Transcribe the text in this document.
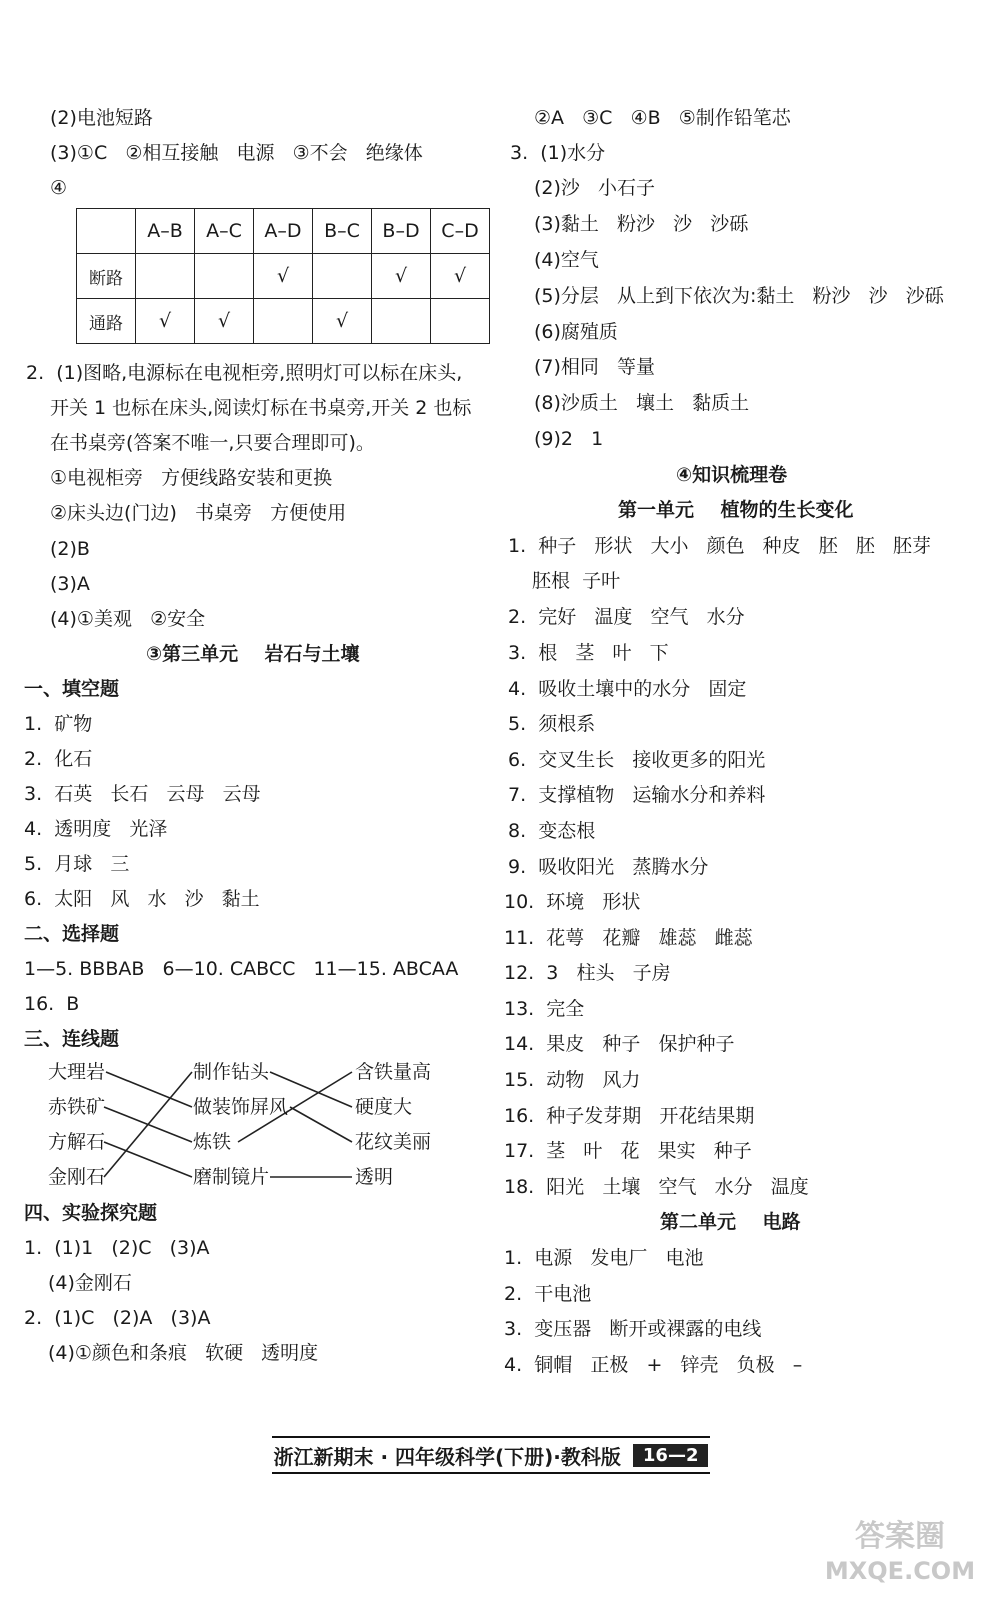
(2)电池短路
(3)①C   ②相互接触   电源   ③不会   绝缘体
④
2.  (1)图略,电源标在电视柜旁,照明灯可以标在床头,
开关 1 也标在床头,阅读灯标在书桌旁,开关 2 也标
在书桌旁(答案不唯一,只要合理即可)。
①电视柜旁   方便线路安装和更换
②床头边(门边)   书桌旁   方便使用
(2)B
(3)A
(4)①美观   ②安全
1.  矿物
2.  化石
3.  石英   长石   云母   云母
4.  透明度   光泽
5.  月球   三
6.  太阳   风   水   沙   黏土
1—5. BBBAB   6—10. CABCC   11—15. ABCAA
16.  B
1.  (1)1   (2)C   (3)A
(4)金刚石
2.  (1)C   (2)A   (3)A
(4)①颜色和条痕   软硬   透明度
③第三单元    岩石与土壤
一、填空题
二、选择题
三、连线题
四、实验探究题
②A   ③C   ④B   ⑤制作铅笔芯
3.  (1)水分
(2)沙   小石子
(3)黏土   粉沙   沙   沙砾
(4)空气
(5)分层   从上到下依次为:黏土   粉沙   沙   沙砾
(6)腐殖质
(7)相同   等量
(8)沙质土   壤土   黏质土
(9)2   1
1.  种子   形状   大小   颜色   种皮   胚   胚   胚芽
胚根  子叶
2.  完好   温度   空气   水分
3.  根   茎   叶   下
4.  吸收土壤中的水分   固定
5.  须根系
6.  交叉生长   接收更多的阳光
7.  支撑植物   运输水分和养料
8.  变态根
9.  吸收阳光   蒸腾水分
10.  环境   形状
11.  花萼   花瓣   雄蕊   雌蕊
12.  3   柱头   子房
13.  完全
14.  果皮   种子   保护种子
15.  动物   风力
16.  种子发芽期   开花结果期
17.  茎   叶   花   果实   种子
18.  阳光   土壤   空气   水分   温度
1.  电源   发电厂   电池
2.  干电池
3.  变压器   断开或裸露的电线
4.  铜帽   正极   +   锌壳   负极   –
④知识梳理卷
第一单元    植物的生长变化
第二单元    电路
	A–B	A–C	A–D	B–C	B–D	C–D
断路			√		√	√
通路	√	√		√		
大理岩
赤铁矿
方解石
金刚石
制作钻头
做装饰屏风
炼铁
磨制镜片
含铁量高
硬度大
花纹美丽
透明
浙江新期末 · 四年级科学(下册)·教科版	16—2
答案圈
MXQE.COM
